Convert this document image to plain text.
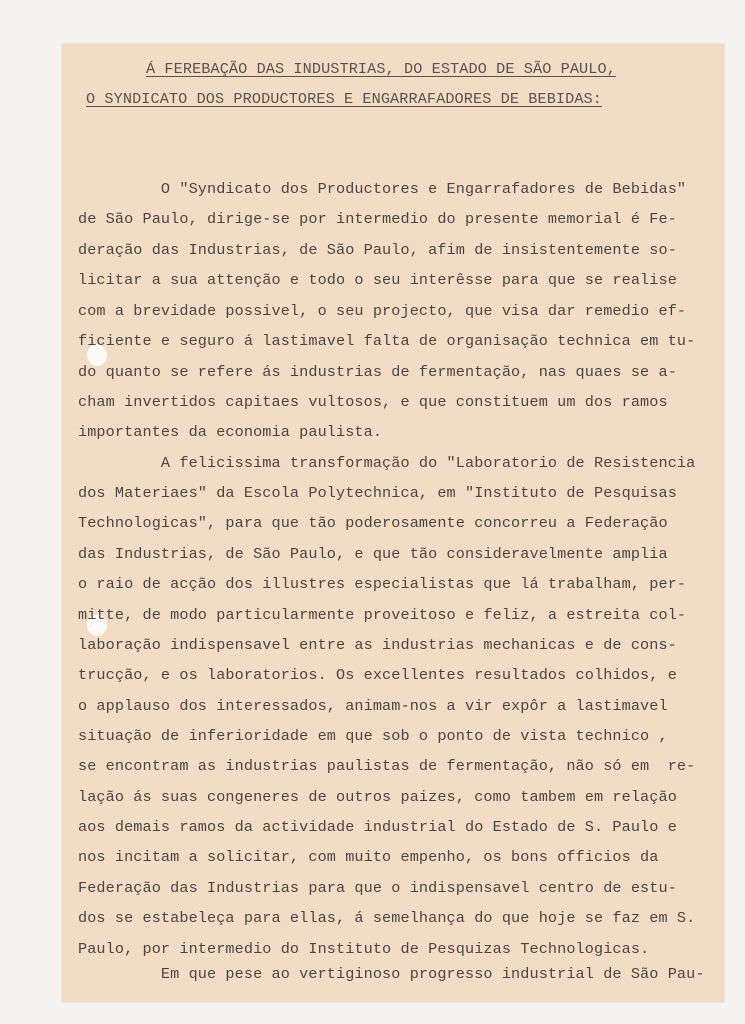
Á FEREBAÇÃO DAS INDUSTRIAS, DO ESTADO DE SÃO PAULO,
O SYNDICATO DOS PRODUCTORES E ENGARRAFADORES DE BEBIDAS:
O "Syndicato dos Productores e Engarrafadores de Bebidas"
de São Paulo, dirige-se por intermedio do presente memorial é Fe-
deração das Industrias, de São Paulo, afim de insistentemente so-
licitar a sua attenção e todo o seu interêsse para que se realise
com a brevidade possivel, o seu projecto, que visa dar remedio ef-
ficiente e seguro á lastimavel falta de organisação technica em tu-
do quanto se refere ás industrias de fermentação, nas quaes se a-
cham invertidos capitaes vultosos, e que constituem um dos ramos
importantes da economia paulista.
A felicissima transformação do "Laboratorio de Resistencia
dos Materiaes" da Escola Polytechnica, em "Instituto de Pesquisas
Technologicas", para que tão poderosamente concorreu a Federação
das Industrias, de São Paulo, e que tão consideravelmente amplia
o raio de acção dos illustres especialistas que lá trabalham, per-
mitte, de modo particularmente proveitoso e feliz, a estreita col-
laboração indispensavel entre as industrias mechanicas e de cons-
trucção, e os laboratorios. Os excellentes resultados colhidos, e
o applauso dos interessados, animam-nos a vir expôr a lastimavel
situação de inferioridade em que sob o ponto de vista technico ,
se encontram as industrias paulistas de fermentação, não só em  re-
lação ás suas congeneres de outros paizes, como tambem em relação
aos demais ramos da actividade industrial do Estado de S. Paulo e
nos incitam a solicitar, com muito empenho, os bons officios da
Federação das Industrias para que o indispensavel centro de estu-
dos se estabeleça para ellas, á semelhança do que hoje se faz em S.
Paulo, por intermedio do Instituto de Pesquizas Technologicas.
Em que pese ao vertiginoso progresso industrial de São Pau-
